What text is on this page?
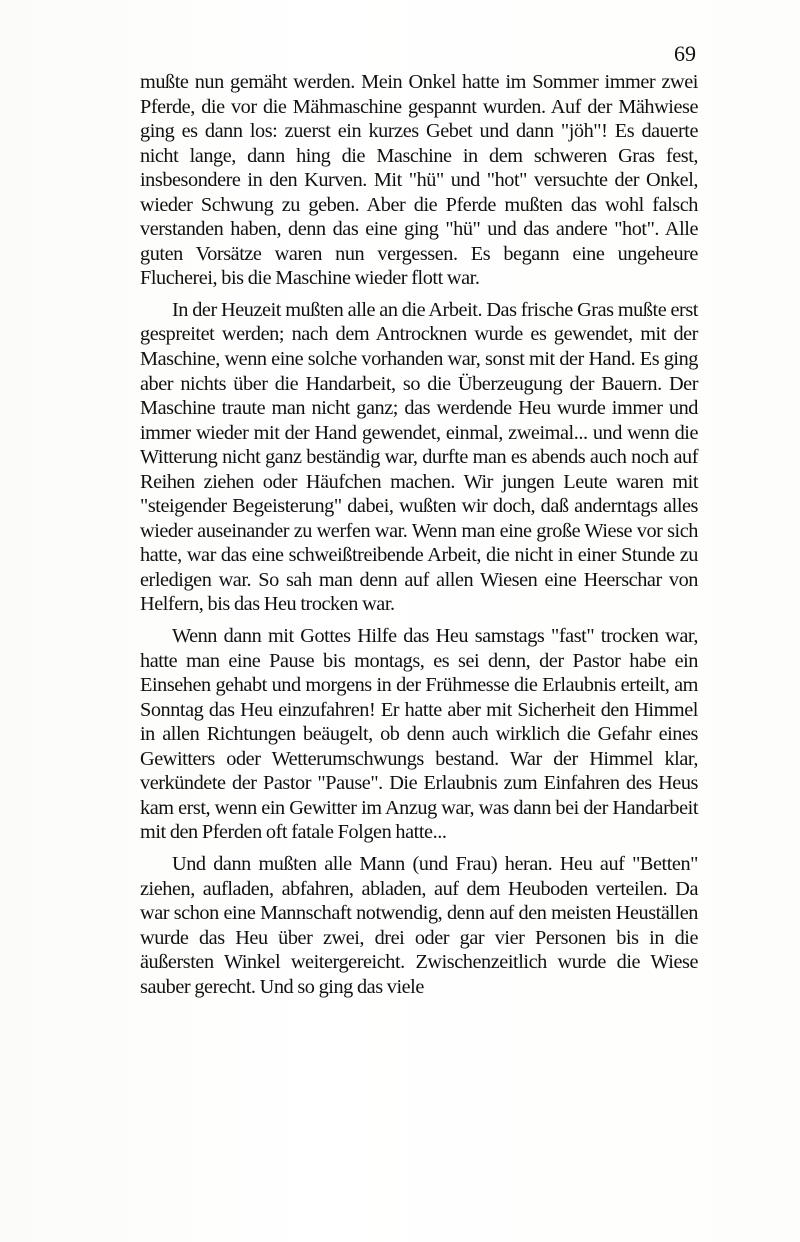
69

mußte nun gemäht werden. Mein Onkel hatte im Sommer immer zwei Pferde, die vor die Mähmaschine gespannt wurden. Auf der Mähwiese ging es dann los: zuerst ein kurzes Gebet und dann "jöh"! Es dauerte nicht lange, dann hing die Maschine in dem schweren Gras fest, insbesondere in den Kurven. Mit "hü" und "hot" versuchte der Onkel, wieder Schwung zu geben. Aber die Pferde mußten das wohl falsch verstanden haben, denn das eine ging "hü" und das andere "hot". Alle guten Vorsätze waren nun vergessen. Es begann eine ungeheure Flucherei, bis die Maschine wieder flott war.

In der Heuzeit mußten alle an die Arbeit. Das frische Gras mußte erst gespreitet werden; nach dem Antrocknen wurde es gewendet, mit der Maschine, wenn eine solche vorhanden war, sonst mit der Hand. Es ging aber nichts über die Handarbeit, so die Überzeugung der Bauern. Der Maschine traute man nicht ganz; das werdende Heu wurde immer und immer wieder mit der Hand gewendet, einmal, zweimal... und wenn die Witterung nicht ganz beständig war, durfte man es abends auch noch auf Reihen ziehen oder Häufchen machen. Wir jungen Leute waren mit "steigender Begeisterung" dabei, wußten wir doch, daß anderntags alles wieder auseinander zu werfen war. Wenn man eine große Wiese vor sich hatte, war das eine schweißtreibende Arbeit, die nicht in einer Stunde zu erledigen war. So sah man denn auf allen Wiesen eine Heerschar von Helfern, bis das Heu trocken war.

Wenn dann mit Gottes Hilfe das Heu samstags "fast" trocken war, hatte man eine Pause bis montags, es sei denn, der Pastor habe ein Einsehen gehabt und morgens in der Frühmesse die Erlaubnis erteilt, am Sonntag das Heu einzufahren! Er hatte aber mit Sicherheit den Himmel in allen Richtungen beäugelt, ob denn auch wirklich die Gefahr eines Gewitters oder Wetterumschwungs bestand. War der Himmel klar, verkündete der Pastor "Pause". Die Erlaubnis zum Einfahren des Heus kam erst, wenn ein Gewitter im Anzug war, was dann bei der Handarbeit mit den Pferden oft fatale Folgen hatte...

Und dann mußten alle Mann (und Frau) heran. Heu auf "Betten" ziehen, aufladen, abfahren, abladen, auf dem Heuboden verteilen. Da war schon eine Mannschaft notwendig, denn auf den meisten Heuställen wurde das Heu über zwei, drei oder gar vier Personen bis in die äußersten Winkel weitergereicht. Zwischenzeitlich wurde die Wiese sauber gerecht. Und so ging das viele
